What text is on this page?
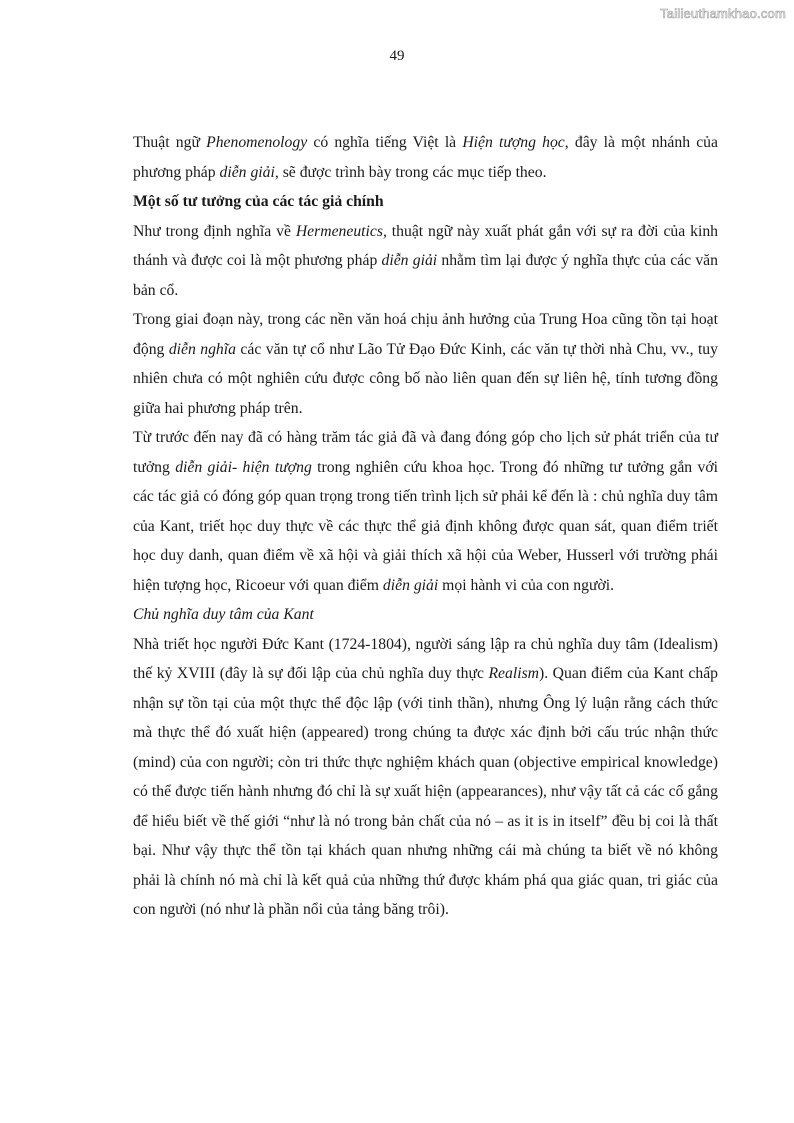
Tailieuthamkhao.com
49

Thuật ngữ Phenomenology có nghĩa tiếng Việt là Hiện tượng học, đây là một nhánh của phương pháp diễn giải, sẽ được trình bày trong các mục tiếp theo.

Một số tư tưởng của các tác giả chính

Như trong định nghĩa về Hermeneutics, thuật ngữ này xuất phát gắn với sự ra đời của kinh thánh và được coi là một phương pháp diễn giải nhằm tìm lại được ý nghĩa thực của các văn bản cổ.

Trong giai đoạn này, trong các nền văn hoá chịu ảnh hưởng của Trung Hoa cũng tồn tại hoạt động diễn nghĩa các văn tự cổ như Lão Tử Đạo Đức Kinh, các văn tự thời nhà Chu, vv., tuy nhiên chưa có một nghiên cứu được công bố nào liên quan đến sự liên hệ, tính tương đồng giữa hai phương pháp trên.

Từ trước đến nay đã có hàng trăm tác giả đã và đang đóng góp cho lịch sử phát triển của tư tưởng diễn giải- hiện tượng trong nghiên cứu khoa học. Trong đó những tư tưởng gắn với các tác giả có đóng góp quan trọng trong tiến trình lịch sử phải kể đến là : chủ nghĩa duy tâm của Kant, triết học duy thực về các thực thể giả định không được quan sát, quan điểm triết học duy danh, quan điểm về xã hội và giải thích xã hội của Weber, Husserl với trường phái hiện tượng học, Ricoeur với quan điểm diễn giải mọi hành vi của con người.

Chủ nghĩa duy tâm của Kant

Nhà triết học người Đức Kant (1724-1804), người sáng lập ra chủ nghĩa duy tâm (Idealism) thế kỷ XVIII (đây là sự đối lập của chủ nghĩa duy thực Realism). Quan điểm của Kant chấp nhận sự tồn tại của một thực thể độc lập (với tinh thần), nhưng Ông lý luận rằng cách thức mà thực thể đó xuất hiện (appeared) trong chúng ta được xác định bởi cấu trúc nhận thức (mind) của con người; còn tri thức thực nghiệm khách quan (objective empirical knowledge) có thể được tiến hành nhưng đó chỉ là sự xuất hiện (appearances), như vậy tất cả các cố gắng để hiểu biết về thế giới “như là nó trong bản chất của nó – as it is in itself” đều bị coi là thất bại. Như vậy thực thể tồn tại khách quan nhưng những cái mà chúng ta biết về nó không phải là chính nó mà chỉ là kết quả của những thứ được khám phá qua giác quan, tri giác của con người (nó như là phần nổi của tảng băng trôi).
